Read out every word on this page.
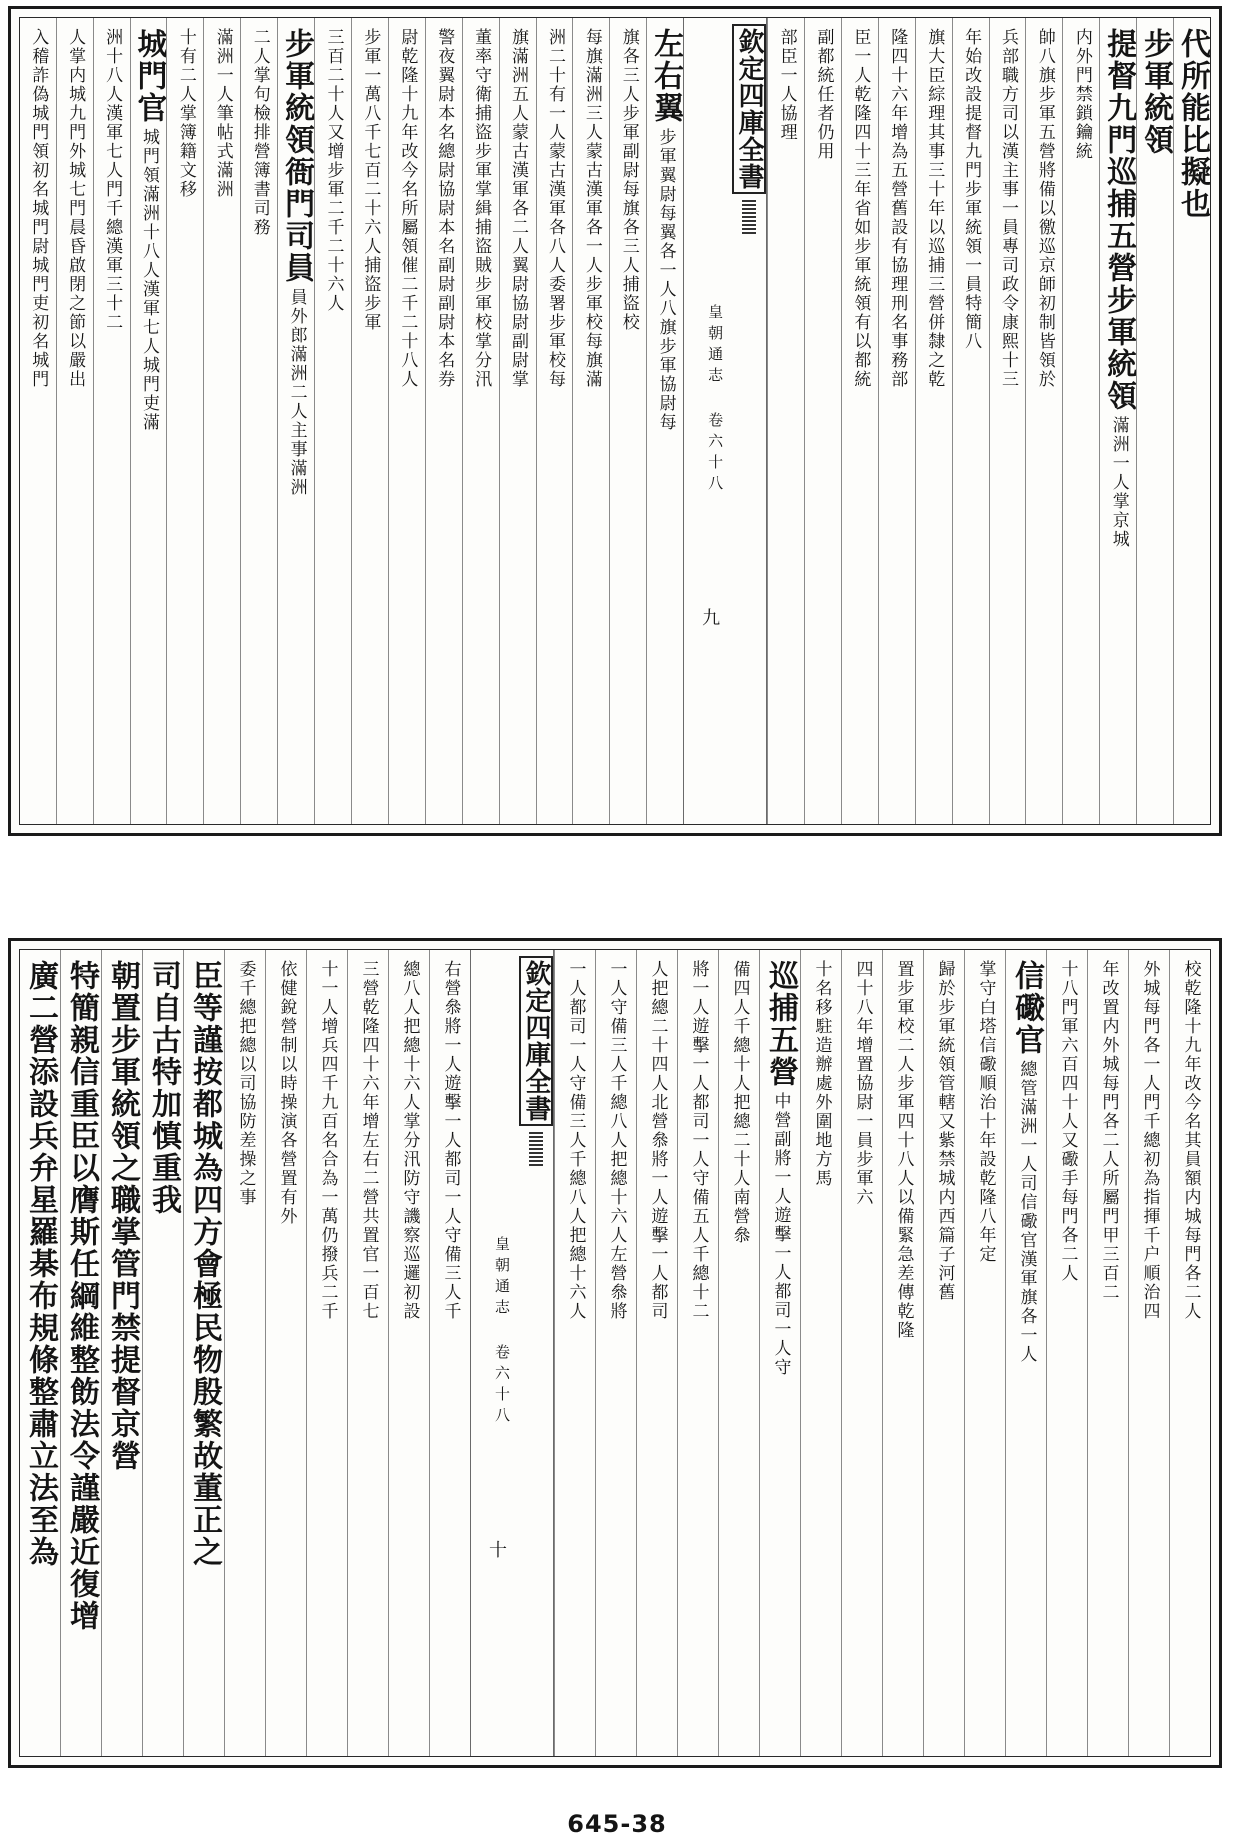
代所能比擬也
步軍統領
提督九門巡捕五營步軍統領
滿洲一人掌京城
内外門禁鎖鑰統
帥八旗步軍五營將備以徼巡京師初制皆領於
兵部職方司以漢主事一員專司政令康熙十三
年始改設提督九門步軍統領一員特簡八
旗大臣綜理其事三十年以巡捕三營併隸之乾
隆四十六年增為五營舊設有協理刑名事務部
臣一人乾隆四十三年省如步軍統領有以都統
副都統任者仍用
部臣一人協理
欽定四庫全書
皇朝通志 卷六十八
九
左右翼
步軍翼尉每翼各一人八旗步軍協尉每
旗各三人步軍副尉每旗各三人捕盜校
每旗滿洲三人蒙古漢軍各一人步軍校每旗滿
洲二十有一人蒙古漢軍各八人委署步軍校每
旗滿洲五人蒙古漢軍各二人翼尉協尉副尉掌
董率守衛捕盜步軍掌緝捕盜賊步軍校掌分汛
警夜翼尉本名總尉協尉本名副尉副尉本名券
尉乾隆十九年改今名所屬領催二千二十八人
步軍一萬八千七百二十六人捕盜步軍
三百二十人又增步軍二千二十六人
步軍統領衙門司員
員外郎滿洲二人主事滿洲
二人掌句檢排營簿書司務
滿洲一人筆帖式滿洲
十有二人掌簿籍文移
城門官
城門領滿洲十八人漢軍七人城門吏滿
洲十八人漢軍七人門千總漢軍三十二
人掌内城九門外城七門晨昏啟閉之節以嚴出
入稽詐偽城門領初名城門尉城門吏初名城門
校乾隆十九年改今名其員額内城每門各二人
外城每門各一人門千總初為指揮千户順治四
年改置内外城每門各二人所屬門甲三百二
十八門軍六百四十人又礮手每門各二人
信礮官
總管滿洲一人司信礮官漢軍旗各一人
掌守白塔信礮順治十年設乾隆八年定
歸於步軍統領管轄又紫禁城内西篇子河舊
置步軍校二人步軍四十八人以備緊急差傳乾隆
四十八年增置協尉一員步軍六
十名移駐造辦處外圍地方馬
巡捕五營
中營副將一人遊擊一人都司一人守
備四人千總十人把總二十人南營叅
將一人遊擊一人都司一人守備五人千總十二
人把總二十四人北營叅將一人遊擊一人都司
一人守備三人千總八人把總十六人左營叅將
一人都司一人守備三人千總八人把總十六人
欽定四庫全書
皇朝通志 卷六十八
十
右營叅將一人遊擊一人都司一人守備三人千
總八人把總十六人掌分汛防守譏察巡邏初設
三營乾隆四十六年增左右二營共置官一百七
十一人增兵四千九百名合為一萬仍撥兵二千
依健銳營制以時操演各營置有外
委千總把總以司協防差操之事
臣等謹按都城為四方會極民物殷繁故董正之
司自古特加慎重我
朝置步軍統領之職掌管門禁提督京營
特簡親信重臣以膺斯任綱維整飭法令謹嚴近復增
廣二營添設兵弁星羅棊布規條整肅立法至為
645-38
